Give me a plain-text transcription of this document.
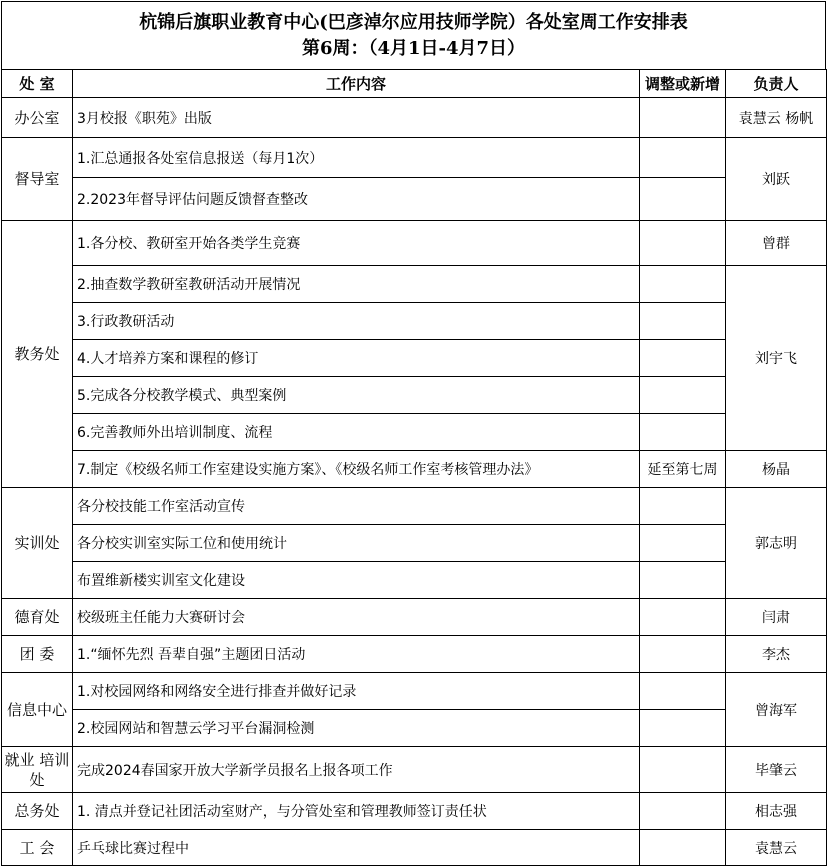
杭锦后旗职业教育中心(巴彦淖尔应用技师学院）各处室周工作安排表
第6周：（4月1日-4月7日）
处 室	工作内容	调整或新增	负责人
办公室	3月校报《职苑》出版		袁慧云 杨帆
督导室	1.汇总通报各处室信息报送（每月1次）		刘跃
	2.2023年督导评估问题反馈督查整改		
教务处	1.各分校、教研室开始各类学生竞赛		曾群
	2.抽查数学教研室教研活动开展情况		刘宇飞
	3.行政教研活动		
	4.人才培养方案和课程的修订		
	5.完成各分校教学模式、典型案例		
	6.完善教师外出培训制度、流程		
	7.制定《校级名师工作室建设实施方案》、《校级名师工作室考核管理办法》	延至第七周	杨晶
实训处	各分校技能工作室活动宣传		郭志明
	各分校实训室实际工位和使用统计		
	布置维新楼实训室文化建设		
德育处	校级班主任能力大赛研讨会		闫肃
团 委	1.“缅怀先烈 吾辈自强”主题团日活动		李杰
信息中心	1.对校园网络和网络安全进行排查并做好记录		曾海军
	2.校园网站和智慧云学习平台漏洞检测		
就业 培训处	完成2024春国家开放大学新学员报名上报各项工作		毕肇云
总务处	1. 清点并登记社团活动室财产，与分管处室和管理教师签订责任状		相志强
工 会	乒乓球比赛过程中		袁慧云
